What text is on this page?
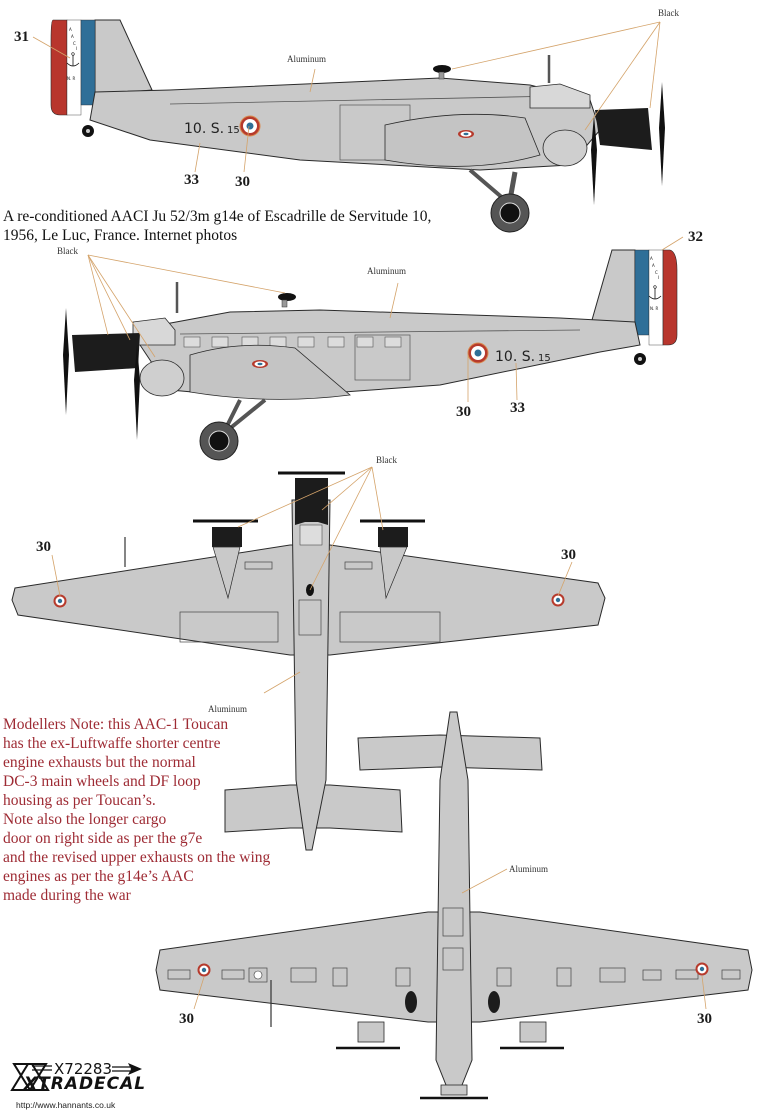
A
A
C
I
N. R
10. S. 15
31
Aluminum
Black
33 30
A
A
C
I
N. R
10. S. 15
32
Black
Aluminum
30	33
Black
30	30
Aluminum
Aluminum
30	30
A re-conditioned AACI Ju 52/3m g14e of Escadrille de Servitude 10,
1956, Le Luc, France. Internet photos
Modellers Note: this AAC-1 Toucan
has the ex-Luftwaffe shorter centre
engine exhausts but the normal
DC-3 main wheels and DF loop
housing as per Toucan’s.
Note also the longer cargo
door on right side as per the g7e
and the revised upper exhausts on the wing
engines as per the g14e’s AAC
made during the war
X72283
XTRADECAL
http://www.hannants.co.uk
